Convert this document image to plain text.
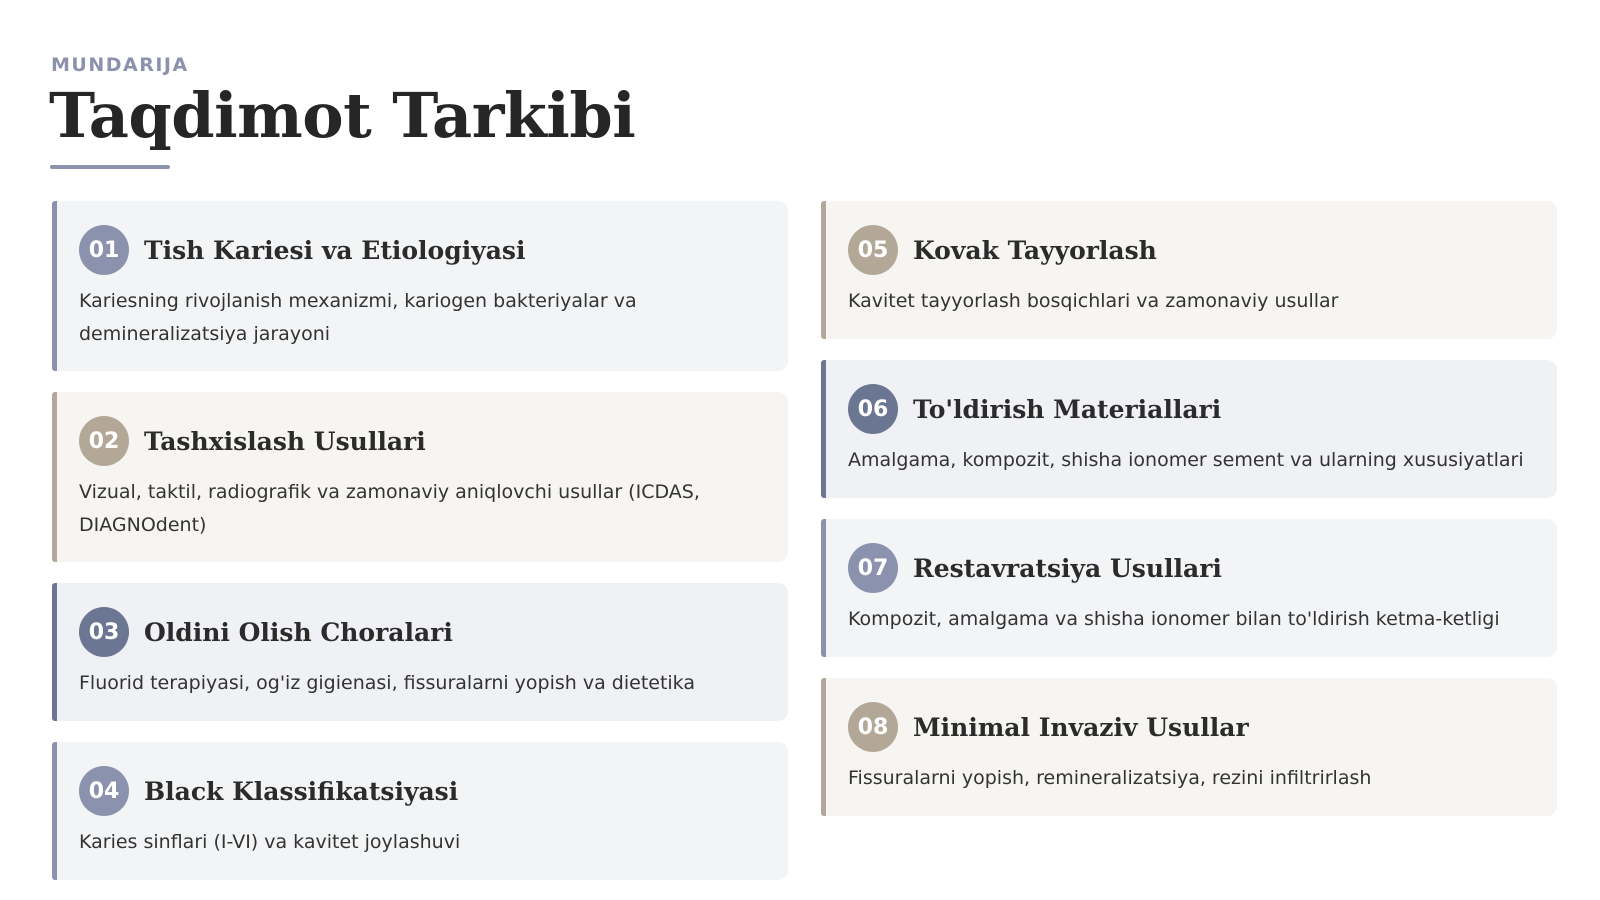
MUNDARIJA
Taqdimot Tarkibi
01 Tish Kariesi va Etiologiyasi
Kariesning rivojlanish mexanizmi, kariogen bakteriyalar va demineralizatsiya jarayoni
02 Tashxislash Usullari
Vizual, taktil, radiografik va zamonaviy aniqlovchi usullar (ICDAS, DIAGNOdent)
03 Oldini Olish Choralari
Fluorid terapiyasi, og'iz gigienasi, fissuralarni yopish va dietetika
04 Black Klassifikatsiyasi
Karies sinflari (I-VI) va kavitet joylashuvi
05 Kovak Tayyorlash
Kavitet tayyorlash bosqichlari va zamonaviy usullar
06 To'ldirish Materiallari
Amalgama, kompozit, shisha ionomer sement va ularning xususiyatlari
07 Restavratsiya Usullari
Kompozit, amalgama va shisha ionomer bilan to'ldirish ketma-ketligi
08 Minimal Invaziv Usullar
Fissuralarni yopish, remineralizatsiya, rezini infiltrirlash
